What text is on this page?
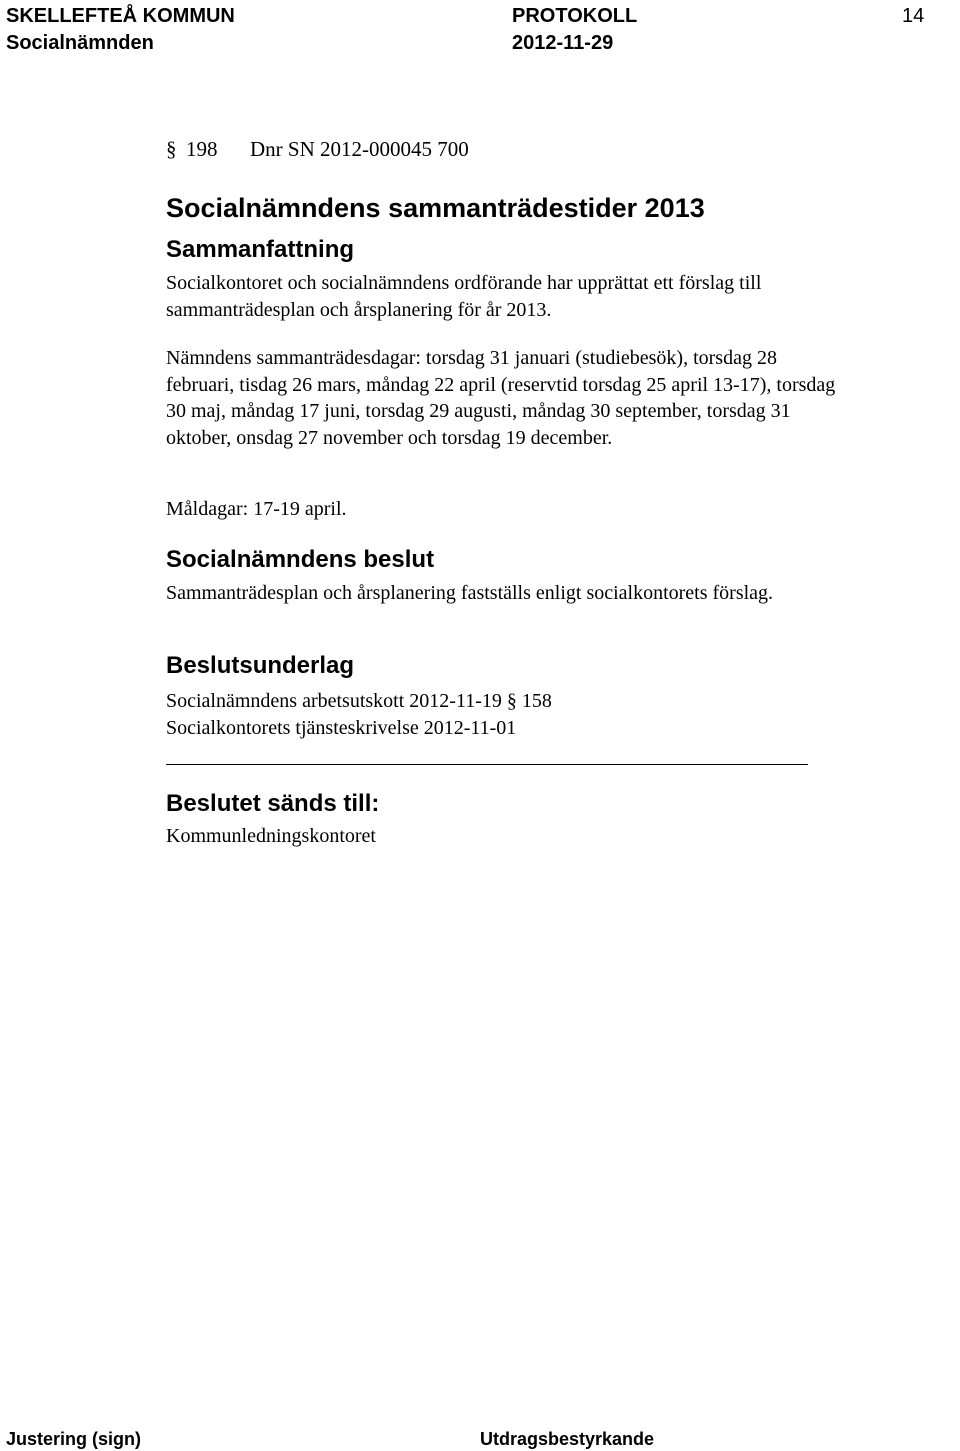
SKELLEFTEÅ KOMMUN
Socialnämnden
PROTOKOLL
2012-11-29
14
§ 198 Dnr SN 2012-000045 700
Socialnämndens sammanträdestider 2013
Sammanfattning

Socialkontoret och socialnämndens ordförande har upprättat ett förslag till sammanträdesplan och årsplanering för år 2013.

Nämndens sammanträdesdagar: torsdag 31 januari (studiebesök), torsdag 28 februari, tisdag 26 mars, måndag 22 april (reservtid torsdag 25 april 13-17), torsdag 30 maj, måndag 17 juni, torsdag 29 augusti, måndag 30 september, torsdag 31 oktober, onsdag 27 november och torsdag 19 december.

Måldagar: 17-19 april.

Socialnämndens beslut

Sammanträdesplan och årsplanering fastställs enligt socialkontorets förslag.

Beslutsunderlag

Socialnämndens arbetsutskott 2012-11-19 § 158

Socialkontorets tjänsteskrivelse 2012-11-01

Beslutet sänds till:

Kommunledningskontoret

Justering (sign)	Utdragsbestyrkande
